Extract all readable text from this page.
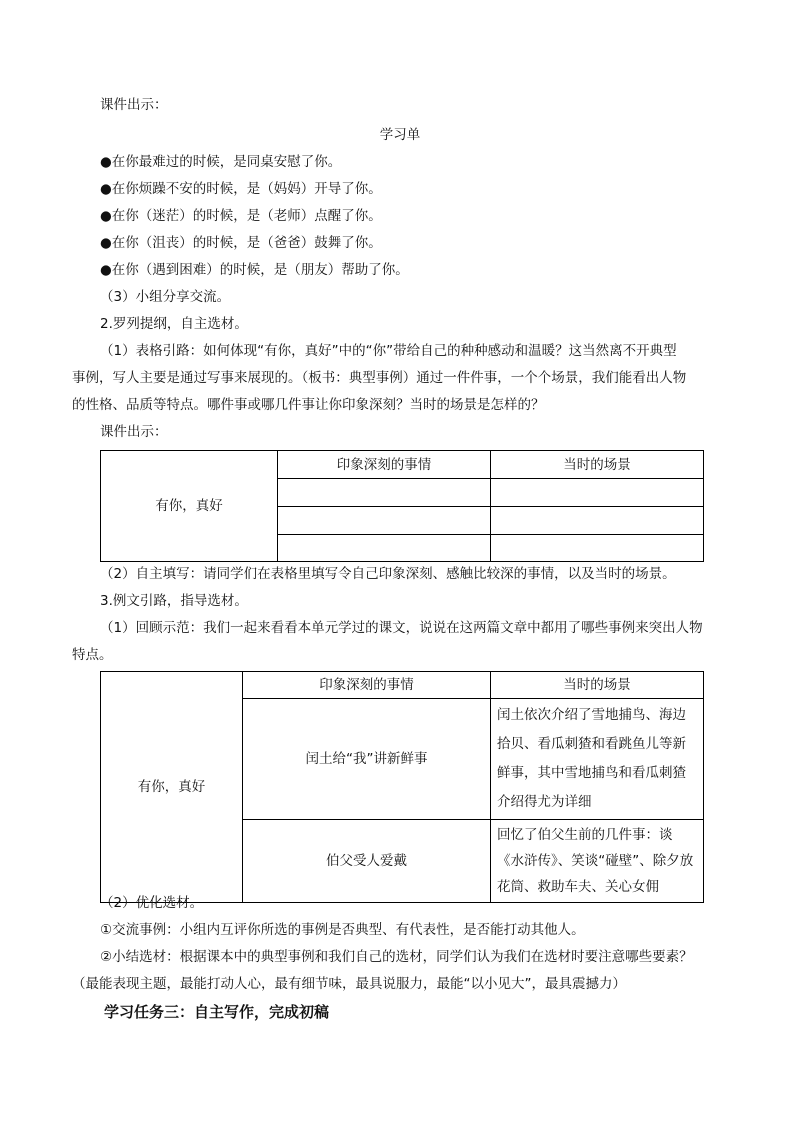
课件出示：
学习单
●在你最难过的时候，是同桌安慰了你。
●在你烦躁不安的时候，是（妈妈）开导了你。
●在你（迷茫）的时候，是（老师）点醒了你。
●在你（沮丧）的时候，是（爸爸）鼓舞了你。
●在你（遇到困难）的时候，是（朋友）帮助了你。
（3）小组分享交流。
2.罗列提纲，自主选材。
（1）表格引路：如何体现“有你，真好”中的“你”带给自己的种种感动和温暖？这当然离不开典型
事例，写人主要是通过写事来展现的。（板书：典型事例）通过一件件事，一个个场景，我们能看出人物
的性格、品质等特点。哪件事或哪几件事让你印象深刻？当时的场景是怎样的？
课件出示：
有你，真好	印象深刻的事情	当时的场景

（2）自主填写：请同学们在表格里填写令自己印象深刻、感触比较深的事情，以及当时的场景。
3.例文引路，指导选材。
（1）回顾示范：我们一起来看看本单元学过的课文，说说在这两篇文章中都用了哪些事例来突出人物
特点。
有你，真好	印象深刻的事情	当时的场景
	闰土给“我”讲新鲜事	闰土依次介绍了雪地捕鸟、海边拾贝、看瓜刺猹和看跳鱼儿等新鲜事，其中雪地捕鸟和看瓜刺猹介绍得尤为详细
	伯父受人爱戴	回忆了伯父生前的几件事：谈《水浒传》、笑谈“碰壁”、除夕放花筒、救助车夫、关心女佣
（2）优化选材。
①交流事例：小组内互评你所选的事例是否典型、有代表性，是否能打动其他人。
②小结选材：根据课本中的典型事例和我们自己的选材，同学们认为我们在选材时要注意哪些要素？
（最能表现主题，最能打动人心，最有细节味，最具说服力，最能“以小见大”，最具震撼力）
学习任务三：自主写作，完成初稿
